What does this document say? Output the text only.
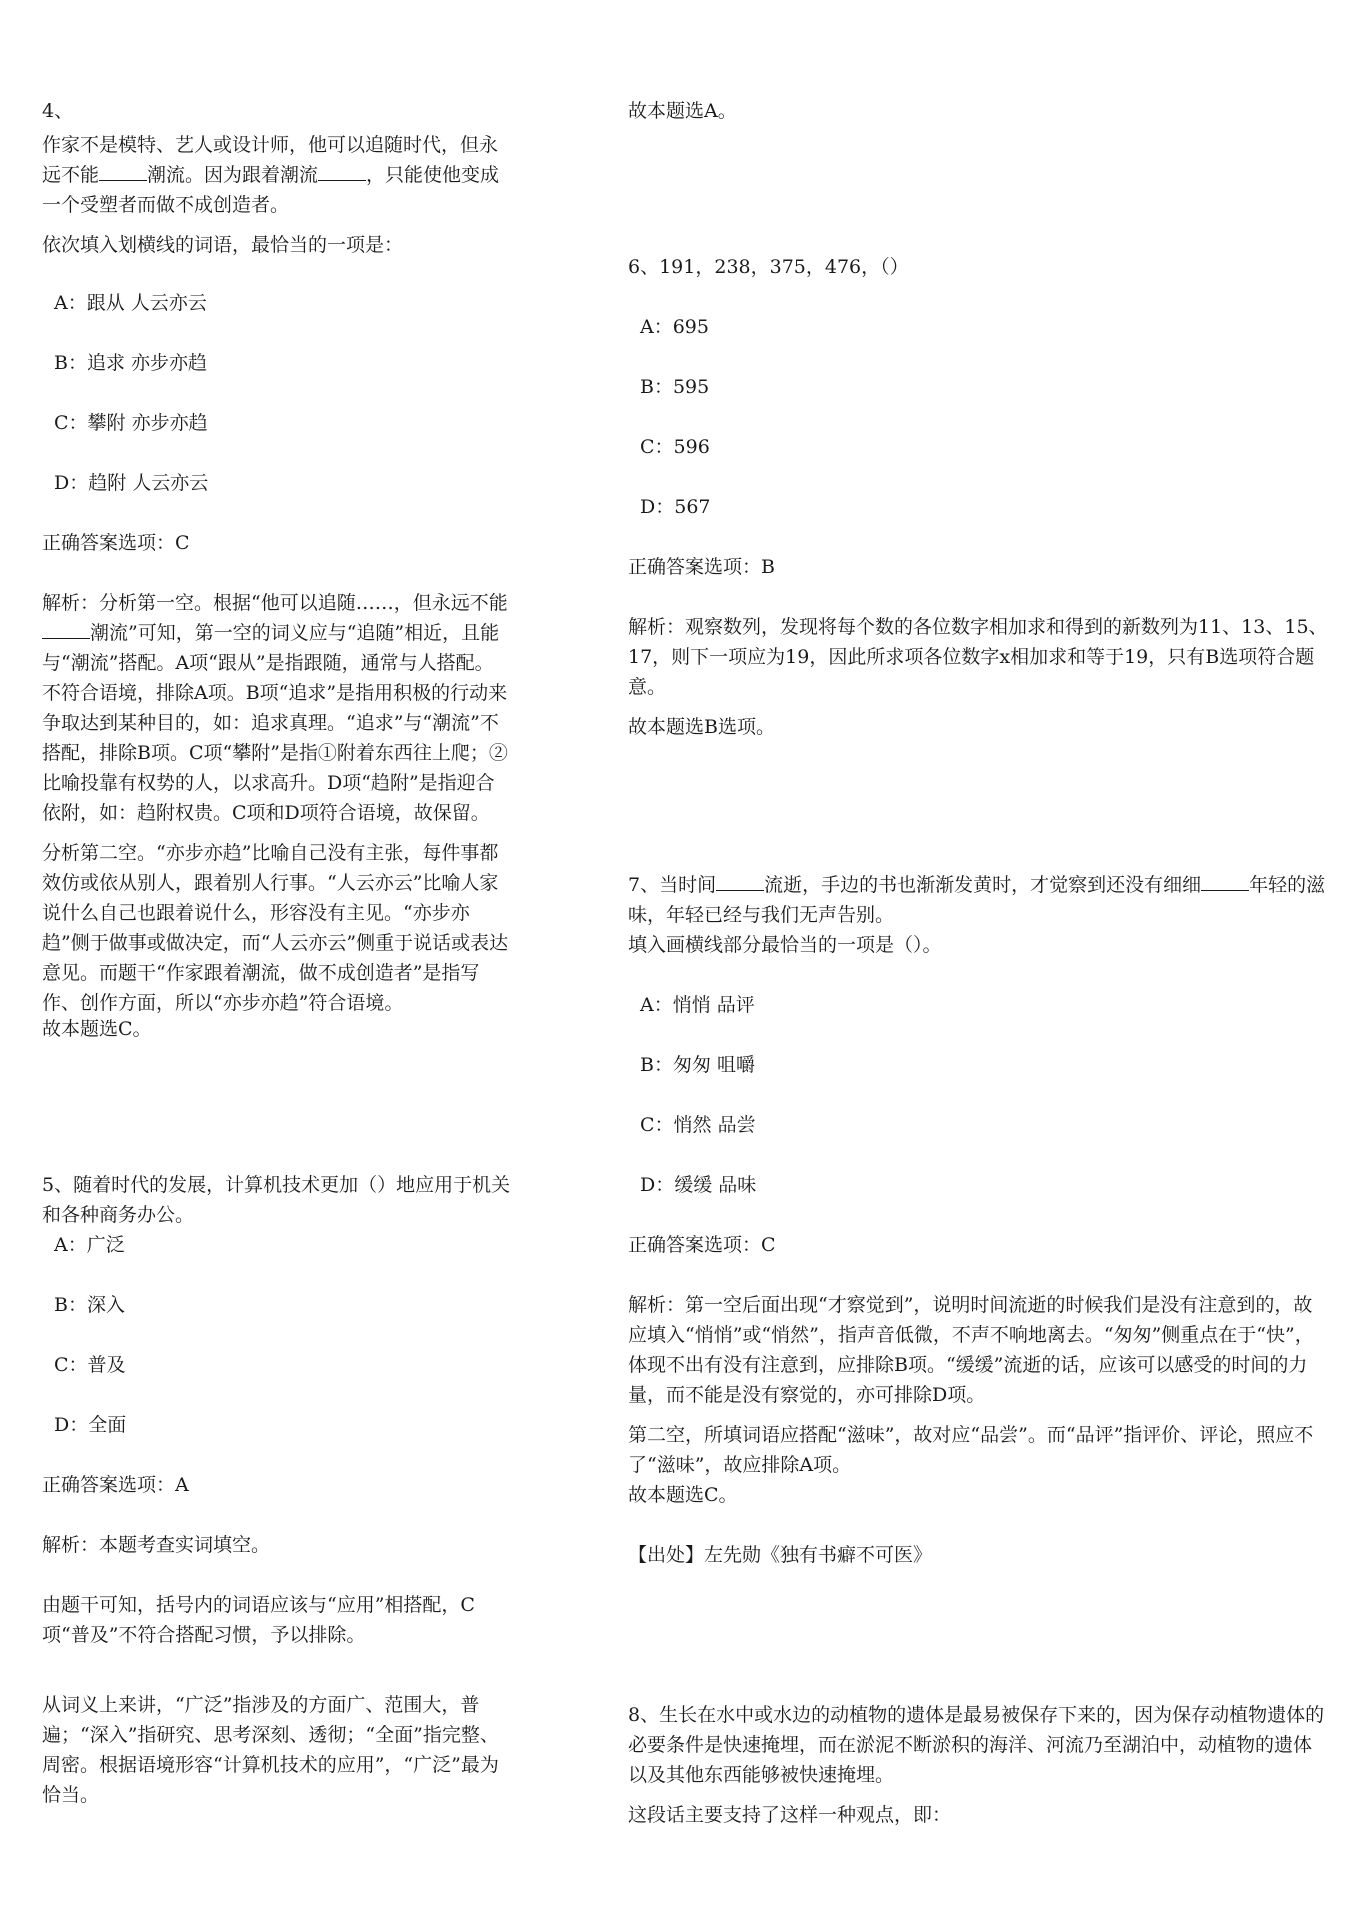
4、

作家不是模特、艺人或设计师，他可以追随时代，但永远不能	潮流。因为跟着潮流	，只能使他变成一个受塑者而做不成创造者。

依次填入划横线的词语，最恰当的一项是：

A：跟从 人云亦云

B：追求 亦步亦趋

C：攀附 亦步亦趋

D：趋附 人云亦云

正确答案选项：C

解析：分析第一空。根据“他可以追随……，但永远不能潮流”可知，第一空的词义应与“追随”相近，且能与“潮流”搭配。A项“跟从”是指跟随，通常与人搭配。不符合语境，排除A项。B项“追求”是指用积极的行动来争取达到某种目的，如：追求真理。“追求”与“潮流”不搭配，排除B项。C项“攀附”是指①附着东西往上爬；②比喻投靠有权势的人，以求高升。D项“趋附”是指迎合依附，如：趋附权贵。C项和D项符合语境，故保留。

分析第二空。“亦步亦趋”比喻自己没有主张，每件事都效仿或依从别人，跟着别人行事。“人云亦云”比喻人家说什么自己也跟着说什么，形容没有主见。“亦步亦趋”侧于做事或做决定，而“人云亦云”侧重于说话或表达意见。而题干“作家跟着潮流，做不成创造者”是指写作、创作方面，所以“亦步亦趋”符合语境。

故本题选C。

5、随着时代的发展，计算机技术更加（）地应用于机关和各种商务办公。

A：广泛

B：深入

C：普及

D：全面

正确答案选项：A

解析：本题考查实词填空。

由题干可知，括号内的词语应该与“应用”相搭配，C项“普及”不符合搭配习惯，予以排除。

从词义上来讲，“广泛”指涉及的方面广、范围大，普遍；“深入”指研究、思考深刻、透彻；“全面”指完整、周密。根据语境形容“计算机技术的应用”，“广泛”最为恰当。

故本题选A。

6、191，238，375，476，（）

A：695

B：595

C：596

D：567

正确答案选项：B

解析：观察数列，发现将每个数的各位数字相加求和得到的新数列为11、13、15、17，则下一项应为19，因此所求项各位数字x相加求和等于19，只有B选项符合题意。

故本题选B选项。

7、当时间	流逝，手边的书也渐渐发黄时，才觉察到还没有细细	年轻的滋味，年轻已经与我们无声告别。

填入画横线部分最恰当的一项是（）。

A：悄悄 品评

B：匆匆 咀嚼

C：悄然 品尝

D：缓缓 品味

正确答案选项：C

解析：第一空后面出现“才察觉到”，说明时间流逝的时候我们是没有注意到的，故应填入“悄悄”或“悄然”，指声音低微，不声不响地离去。“匆匆”侧重点在于“快”，体现不出有没有注意到，应排除B项。“缓缓”流逝的话，应该可以感受的时间的力量，而不能是没有察觉的，亦可排除D项。

第二空，所填词语应搭配“滋味”，故对应“品尝”。而“品评”指评价、评论，照应不了“滋味”，故应排除A项。

故本题选C。

【出处】左先勋《独有书癖不可医》

8、生长在水中或水边的动植物的遗体是最易被保存下来的，因为保存动植物遗体的必要条件是快速掩埋，而在淤泥不断淤积的海洋、河流乃至湖泊中，动植物的遗体以及其他东西能够被快速掩埋。

这段话主要支持了这样一种观点，即：
